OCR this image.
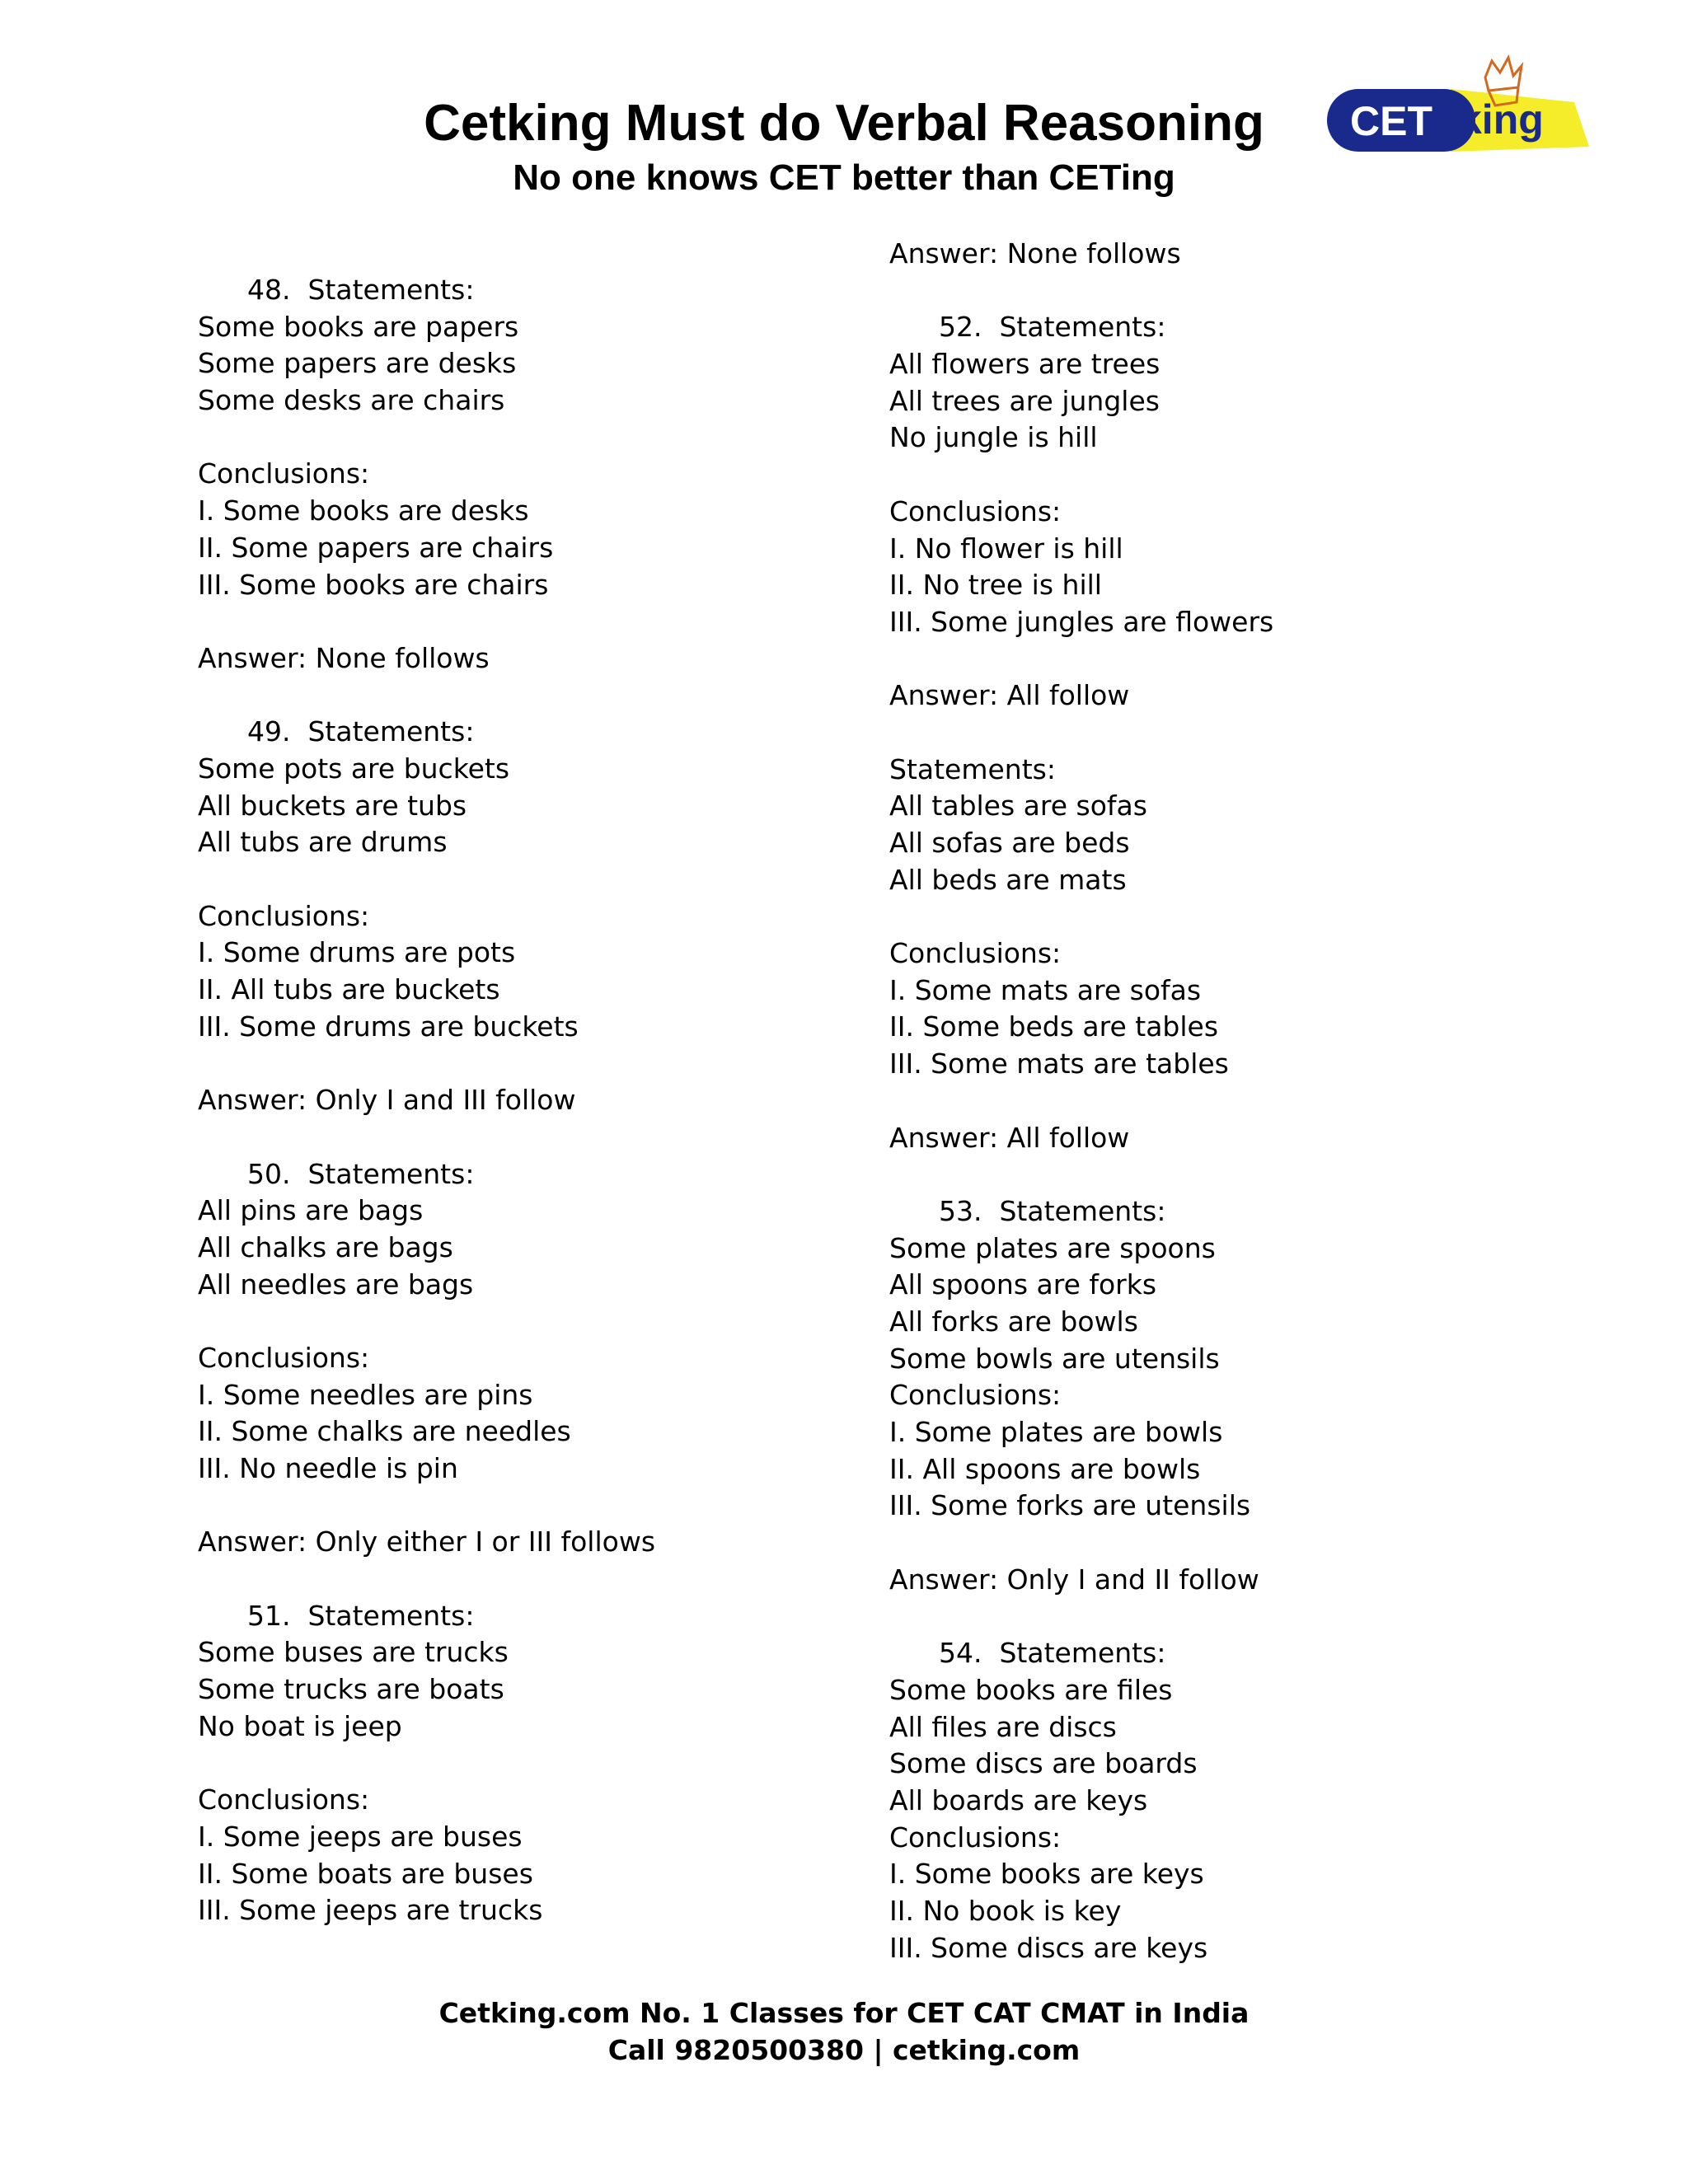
Cetking Must do Verbal Reasoning

No one knows CET better than CETing

CET king
48. Statements:
Some books are papers
Some papers are desks
Some desks are chairs
Conclusions:
I. Some books are desks
II. Some papers are chairs
III. Some books are chairs
Answer: None follows
49. Statements:
Some pots are buckets
All buckets are tubs
All tubs are drums
Conclusions:
I. Some drums are pots
II. All tubs are buckets
III. Some drums are buckets
Answer: Only I and III follow
50. Statements:
All pins are bags
All chalks are bags
All needles are bags
Conclusions:
I. Some needles are pins
II. Some chalks are needles
III. No needle is pin
Answer: Only either I or III follows
51. Statements:
Some buses are trucks
Some trucks are boats
No boat is jeep
Conclusions:
I. Some jeeps are buses
II. Some boats are buses
III. Some jeeps are trucks
Answer: None follows
52. Statements:
All flowers are trees
All trees are jungles
No jungle is hill
Conclusions:
I. No flower is hill
II. No tree is hill
III. Some jungles are flowers
Answer: All follow
Statements:
All tables are sofas
All sofas are beds
All beds are mats
Conclusions:
I. Some mats are sofas
II. Some beds are tables
III. Some mats are tables
Answer: All follow
53. Statements:
Some plates are spoons
All spoons are forks
All forks are bowls
Some bowls are utensils
Conclusions:
I. Some plates are bowls
II. All spoons are bowls
III. Some forks are utensils
Answer: Only I and II follow
54. Statements:
Some books are files
All files are discs
Some discs are boards
All boards are keys
Conclusions:
I. Some books are keys
II. No book is key
III. Some discs are keys
Cetking.com No. 1 Classes for CET CAT CMAT in India
Call 9820500380 | cetking.com
